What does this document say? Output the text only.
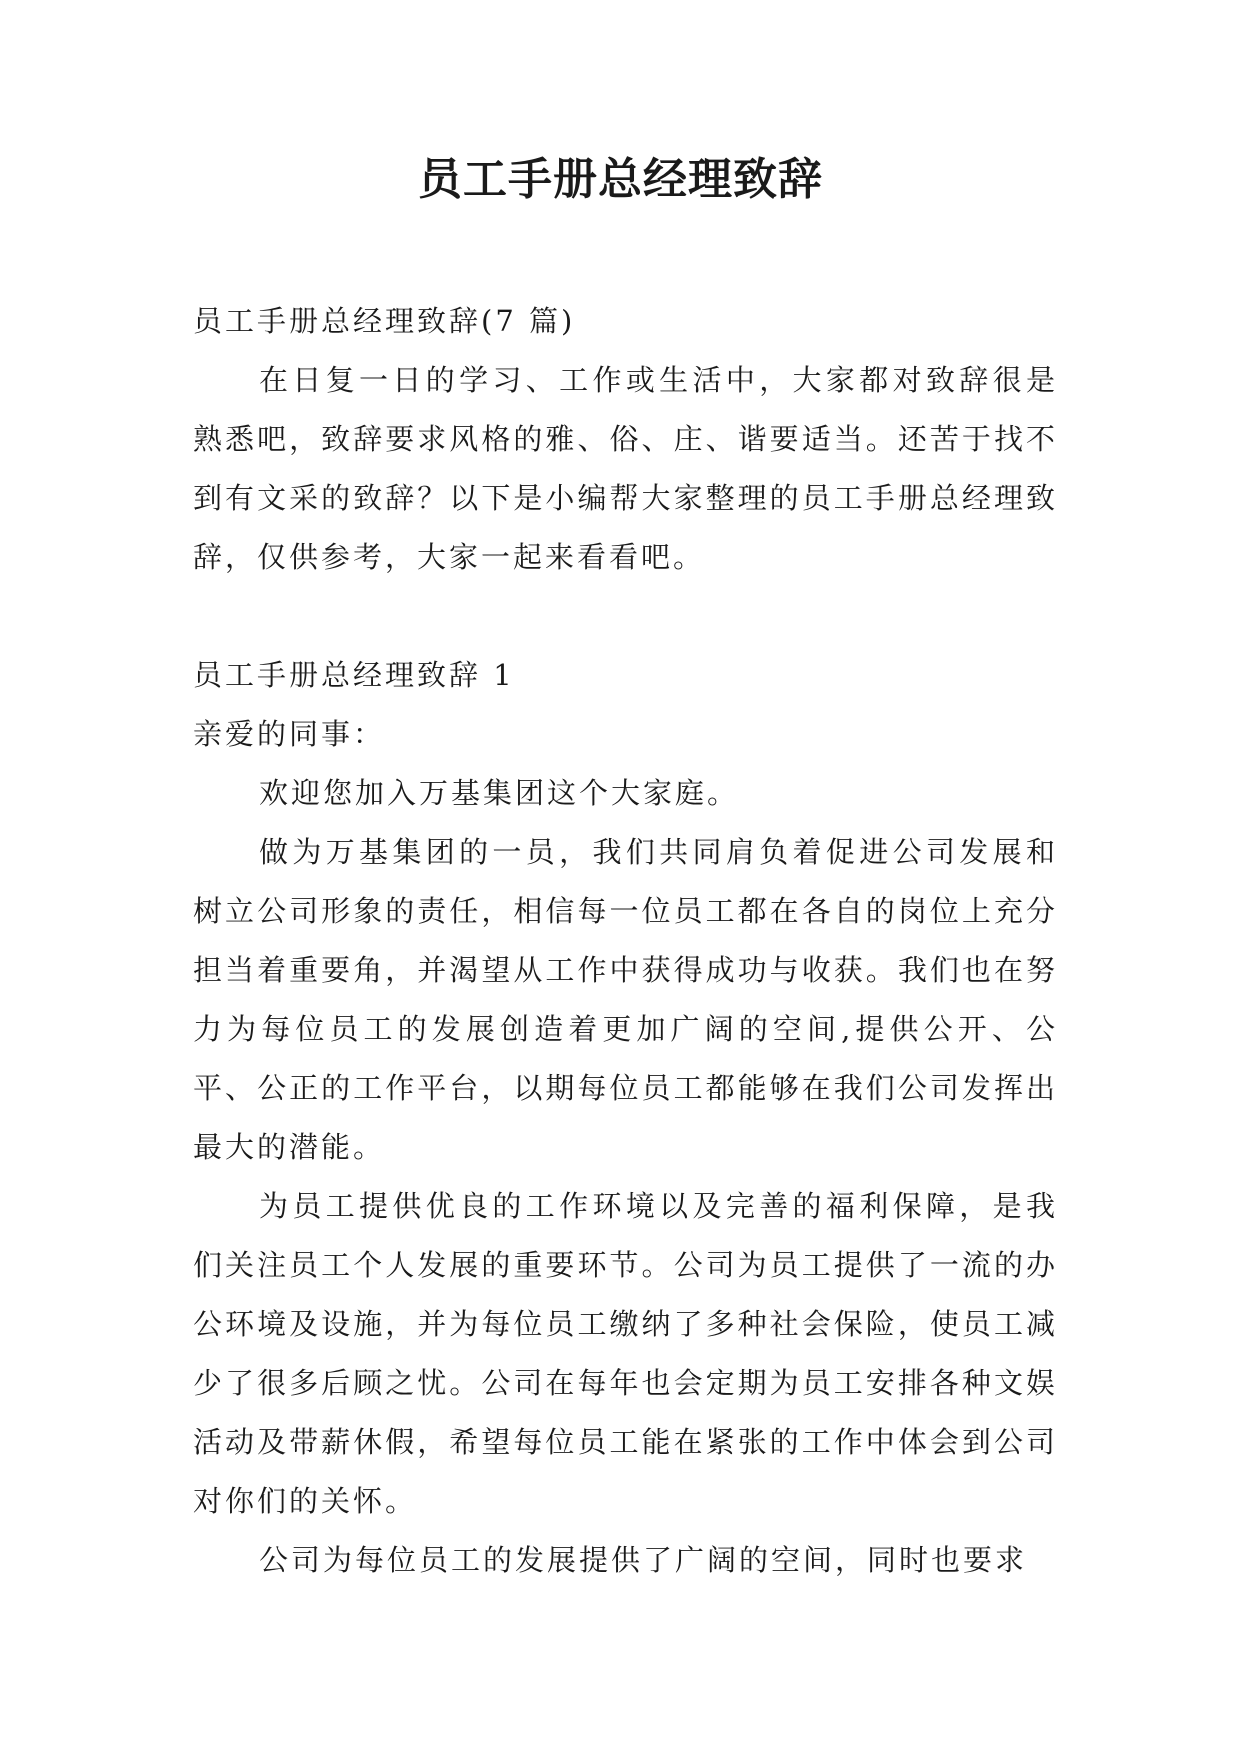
员工手册总经理致辞

员工手册总经理致辞(7 篇)

在日复一日的学习、工作或生活中，大家都对致辞很是熟悉吧，致辞要求风格的雅、俗、庄、谐要适当。还苦于找不到有文采的致辞？以下是小编帮大家整理的员工手册总经理致辞，仅供参考，大家一起来看看吧。

员工手册总经理致辞 1

亲爱的同事：

欢迎您加入万基集团这个大家庭。

做为万基集团的一员，我们共同肩负着促进公司发展和树立公司形象的责任，相信每一位员工都在各自的岗位上充分担当着重要角，并渴望从工作中获得成功与收获。我们也在努力为每位员工的发展创造着更加广阔的空间,提供公开、公平、公正的工作平台，以期每位员工都能够在我们公司发挥出最大的潜能。

为员工提供优良的工作环境以及完善的福利保障，是我们关注员工个人发展的重要环节。公司为员工提供了一流的办公环境及设施，并为每位员工缴纳了多种社会保险，使员工减少了很多后顾之忧。公司在每年也会定期为员工安排各种文娱活动及带薪休假，希望每位员工能在紧张的工作中体会到公司对你们的关怀。

公司为每位员工的发展提供了广阔的空间，同时也要求
